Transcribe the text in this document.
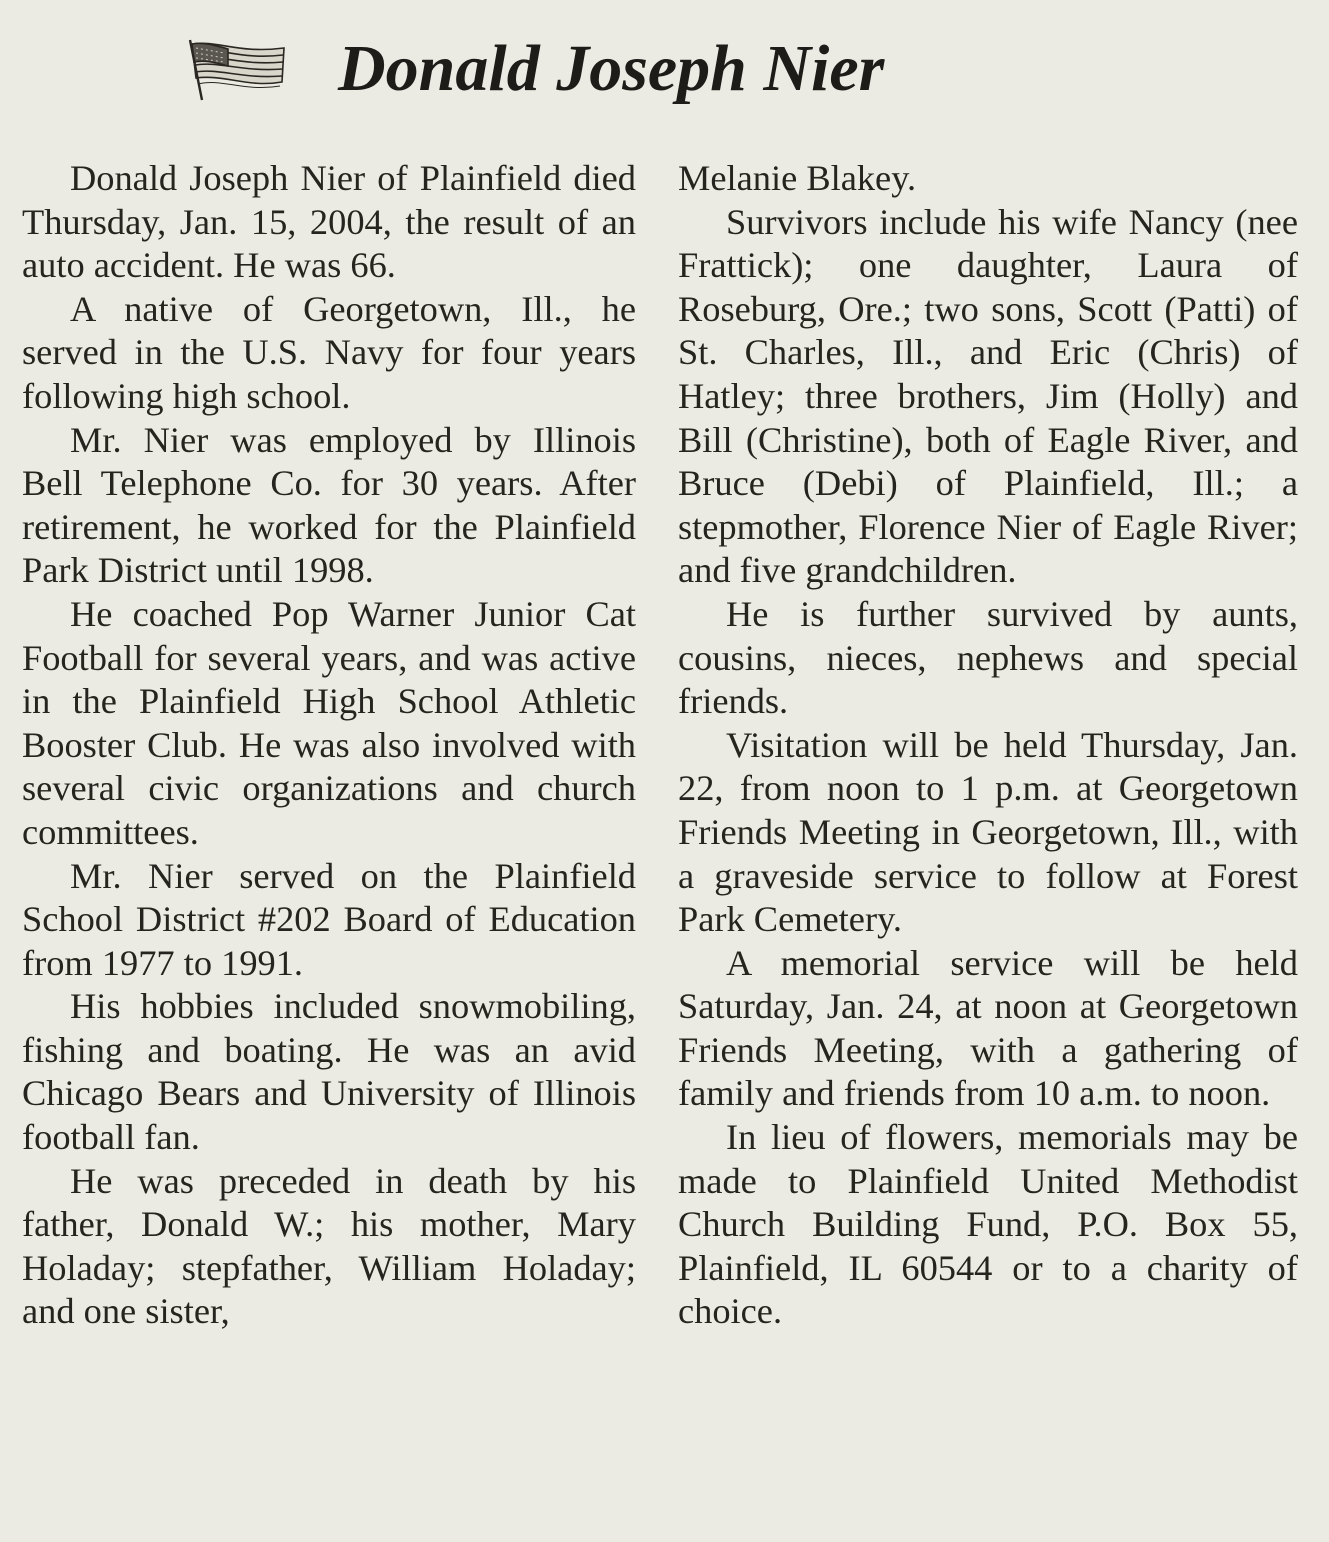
Donald Joseph Nier

Donald Joseph Nier of Plainfield died Thursday, Jan. 15, 2004, the result of an auto accident. He was 66.

A native of Georgetown, Ill., he served in the U.S. Navy for four years following high school.

Mr. Nier was employed by Illinois Bell Telephone Co. for 30 years. After retirement, he worked for the Plainfield Park District until 1998.

He coached Pop Warner Junior Cat Football for several years, and was active in the Plainfield High School Athletic Booster Club. He was also involved with several civic organizations and church committees.

Mr. Nier served on the Plainfield School District #202 Board of Education from 1977 to 1991.

His hobbies included snowmobiling, fishing and boating. He was an avid Chicago Bears and University of Illinois football fan.

He was preceded in death by his father, Donald W.; his mother, Mary Holaday; stepfather, William Holaday; and one sister,

Melanie Blakey.

Survivors include his wife Nancy (nee Frattick); one daughter, Laura of Roseburg, Ore.; two sons, Scott (Patti) of St. Charles, Ill., and Eric (Chris) of Hatley; three brothers, Jim (Holly) and Bill (Christine), both of Eagle River, and Bruce (Debi) of Plainfield, Ill.; a stepmother, Florence Nier of Eagle River; and five grandchildren.

He is further survived by aunts, cousins, nieces, nephews and special friends.

Visitation will be held Thursday, Jan. 22, from noon to 1 p.m. at Georgetown Friends Meeting in Georgetown, Ill., with a graveside service to follow at Forest Park Cemetery.

A memorial service will be held Saturday, Jan. 24, at noon at Georgetown Friends Meeting, with a gathering of family and friends from 10 a.m. to noon.

In lieu of flowers, memorials may be made to Plainfield United Methodist Church Building Fund, P.O. Box 55, Plainfield, IL 60544 or to a charity of choice.
